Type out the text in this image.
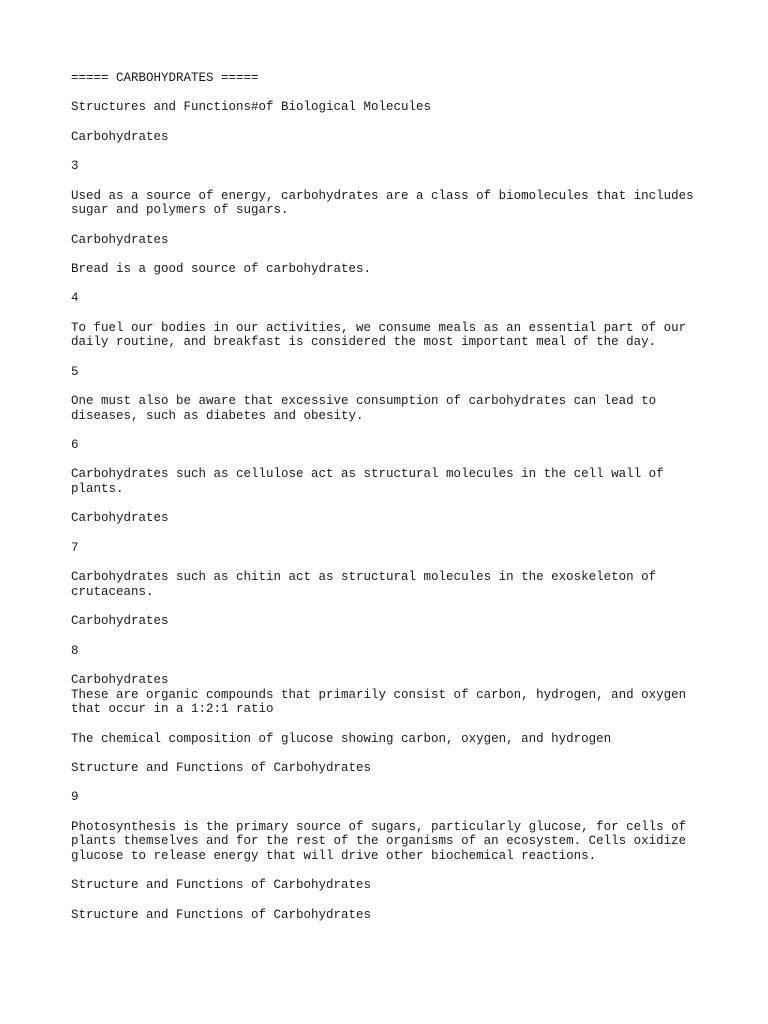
===== CARBOHYDRATES =====

Structures and Functions#of Biological Molecules

Carbohydrates

3

Used as a source of energy, carbohydrates are a class of biomolecules that includes
sugar and polymers of sugars.

Carbohydrates

Bread is a good source of carbohydrates.

4

To fuel our bodies in our activities, we consume meals as an essential part of our
daily routine, and breakfast is considered the most important meal of the day.

5

One must also be aware that excessive consumption of carbohydrates can lead to
diseases, such as diabetes and obesity.

6

Carbohydrates such as cellulose act as structural molecules in the cell wall of
plants.

Carbohydrates

7

Carbohydrates such as chitin act as structural molecules in the exoskeleton of
crutaceans.

Carbohydrates

8

Carbohydrates
These are organic compounds that primarily consist of carbon, hydrogen, and oxygen
that occur in a 1:2:1 ratio

The chemical composition of glucose showing carbon, oxygen, and hydrogen

Structure and Functions of Carbohydrates

9

Photosynthesis is the primary source of sugars, particularly glucose, for cells of
plants themselves and for the rest of the organisms of an ecosystem. Cells oxidize
glucose to release energy that will drive other biochemical reactions.

Structure and Functions of Carbohydrates

Structure and Functions of Carbohydrates
